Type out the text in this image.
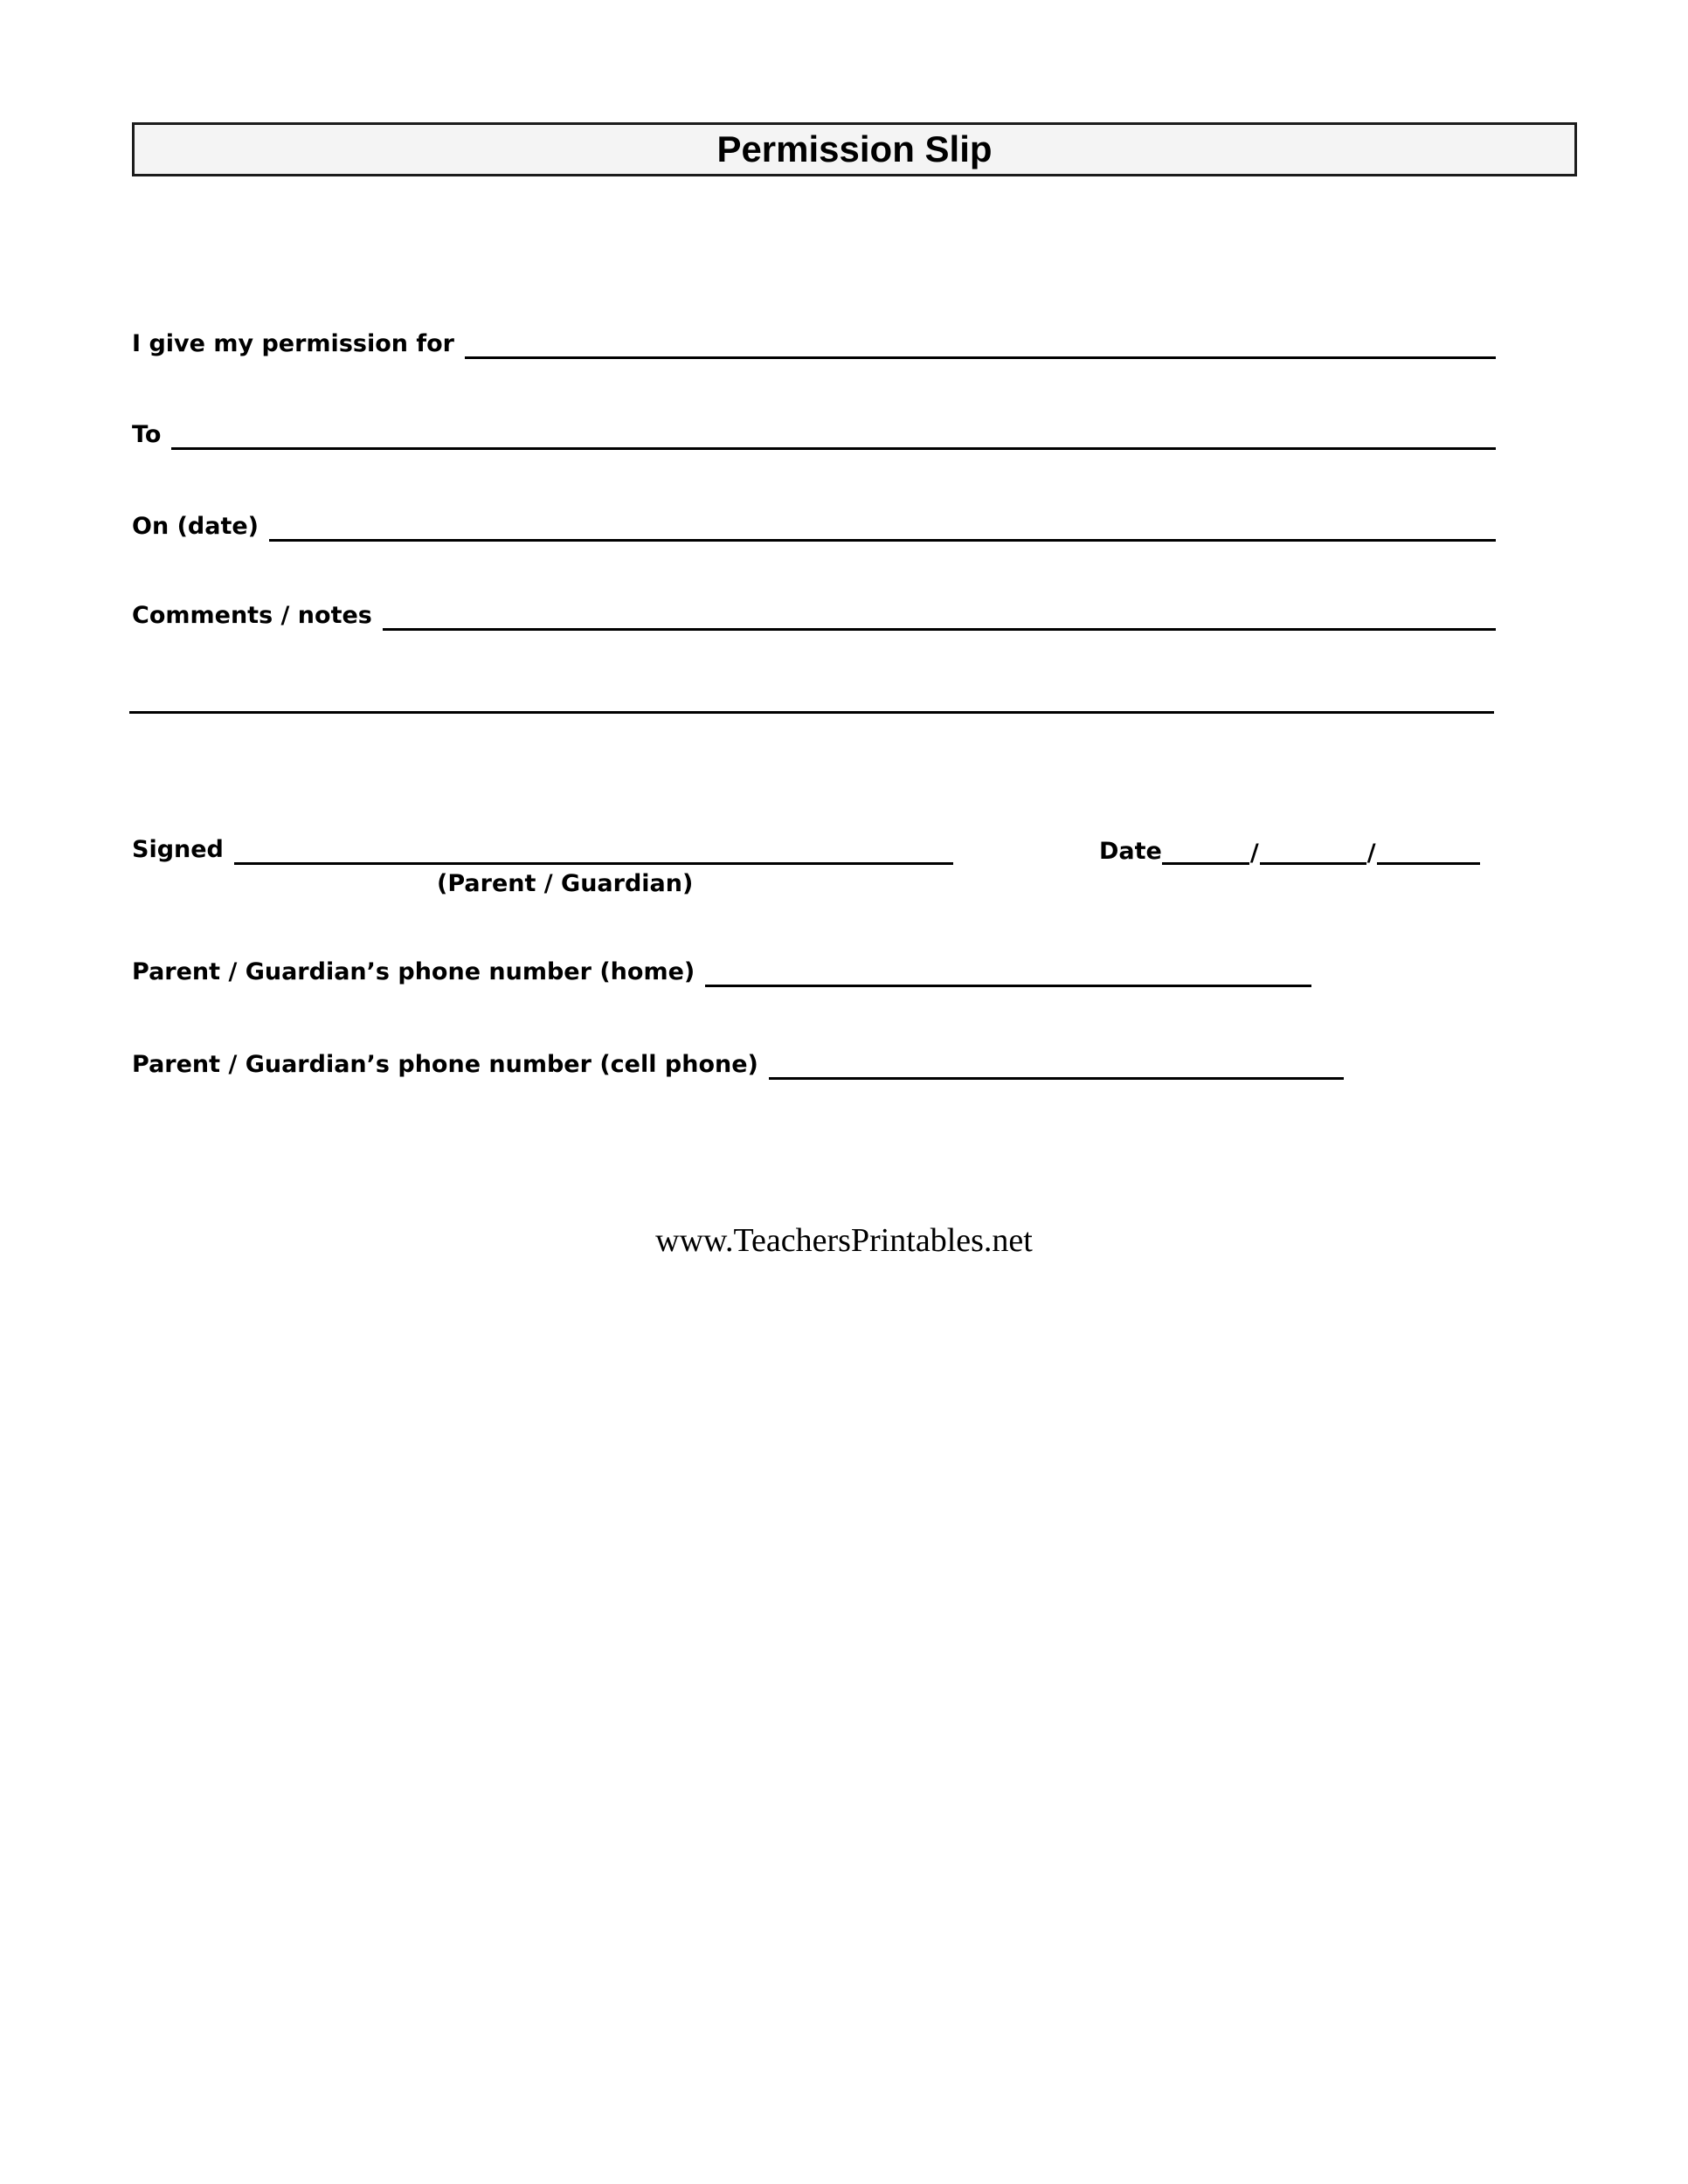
Permission Slip
I give my permission for
To
On (date)
Comments / notes
Signed
(Parent / Guardian)
Date	/	/
Parent / Guardian’s phone number (home)
Parent / Guardian’s phone number (cell phone)
www.TeachersPrintables.net
